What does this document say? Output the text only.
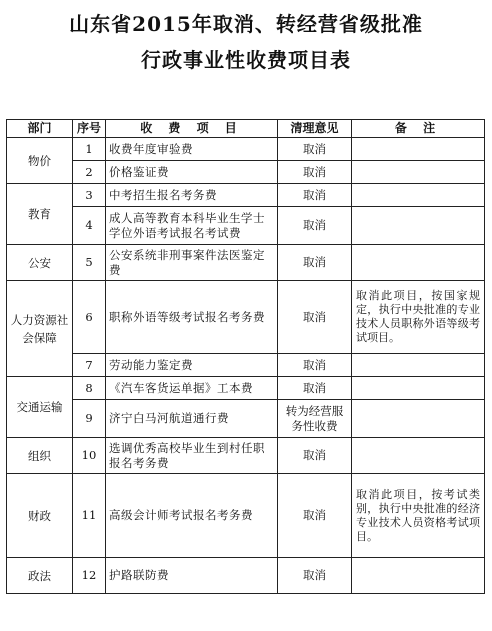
山东省2015年取消、转经营省级批准
行政事业性收费项目表
部门	序号	收 费 项 目	清理意见	备 注
物价	1	收费年度审验费	取消	
	2	价格鉴证费	取消	
教育	3	中考招生报名考务费	取消	
	4	成人高等教育本科毕业生学士学位外语考试报名考试费	取消	
公安	5	公安系统非刑事案件法医鉴定费	取消	
人力资源社会保障	6	职称外语等级考试报名考务费	取消	取消此项目，按国家规定，执行中央批准的专业技术人员职称外语等级考试项目。
	7	劳动能力鉴定费	取消	
交通运输	8	《汽车客货运单据》工本费	取消	
	9	济宁白马河航道通行费	转为经营服务性收费	
组织	10	选调优秀高校毕业生到村任职报名考务费	取消	
财政	11	高级会计师考试报名考务费	取消	取消此项目，按考试类别，执行中央批准的经济专业技术人员资格考试项目。
政法	12	护路联防费	取消	
